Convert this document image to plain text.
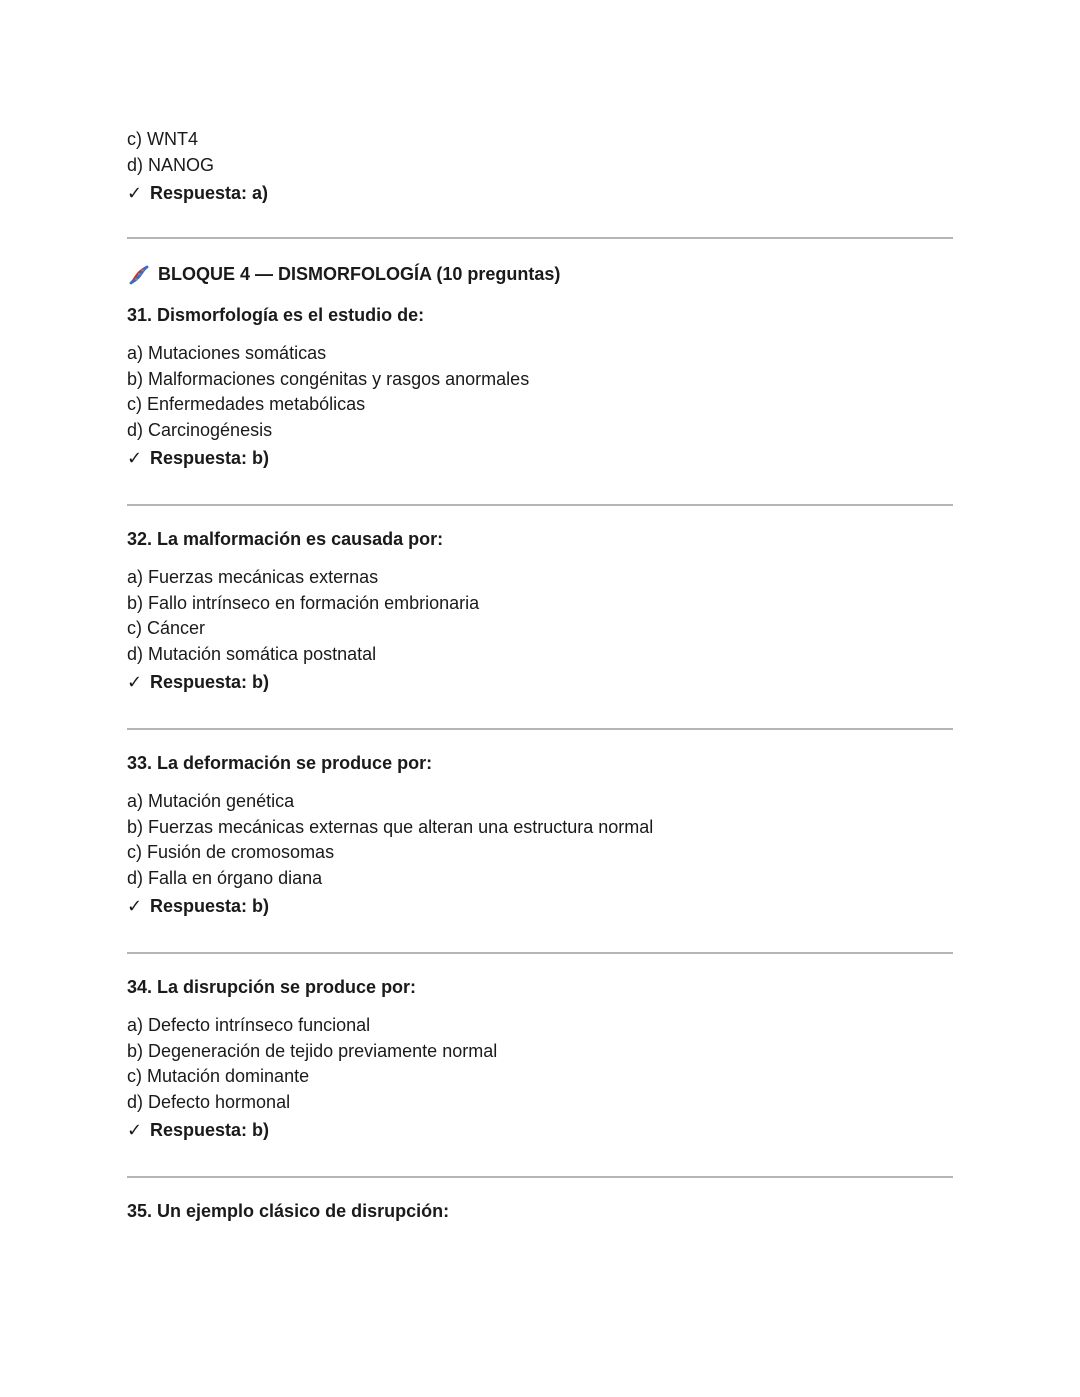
c) WNT4
d) NANOG
✓ Respuesta: a)
BLOQUE 4 — DISMORFOLOGÍA (10 preguntas)
31. Dismorfología es el estudio de:
a) Mutaciones somáticas
b) Malformaciones congénitas y rasgos anormales
c) Enfermedades metabólicas
d) Carcinogénesis
✓ Respuesta: b)
32. La malformación es causada por:
a) Fuerzas mecánicas externas
b) Fallo intrínseco en formación embrionaria
c) Cáncer
d) Mutación somática postnatal
✓ Respuesta: b)
33. La deformación se produce por:
a) Mutación genética
b) Fuerzas mecánicas externas que alteran una estructura normal
c) Fusión de cromosomas
d) Falla en órgano diana
✓ Respuesta: b)
34. La disrupción se produce por:
a) Defecto intrínseco funcional
b) Degeneración de tejido previamente normal
c) Mutación dominante
d) Defecto hormonal
✓ Respuesta: b)
35. Un ejemplo clásico de disrupción:
